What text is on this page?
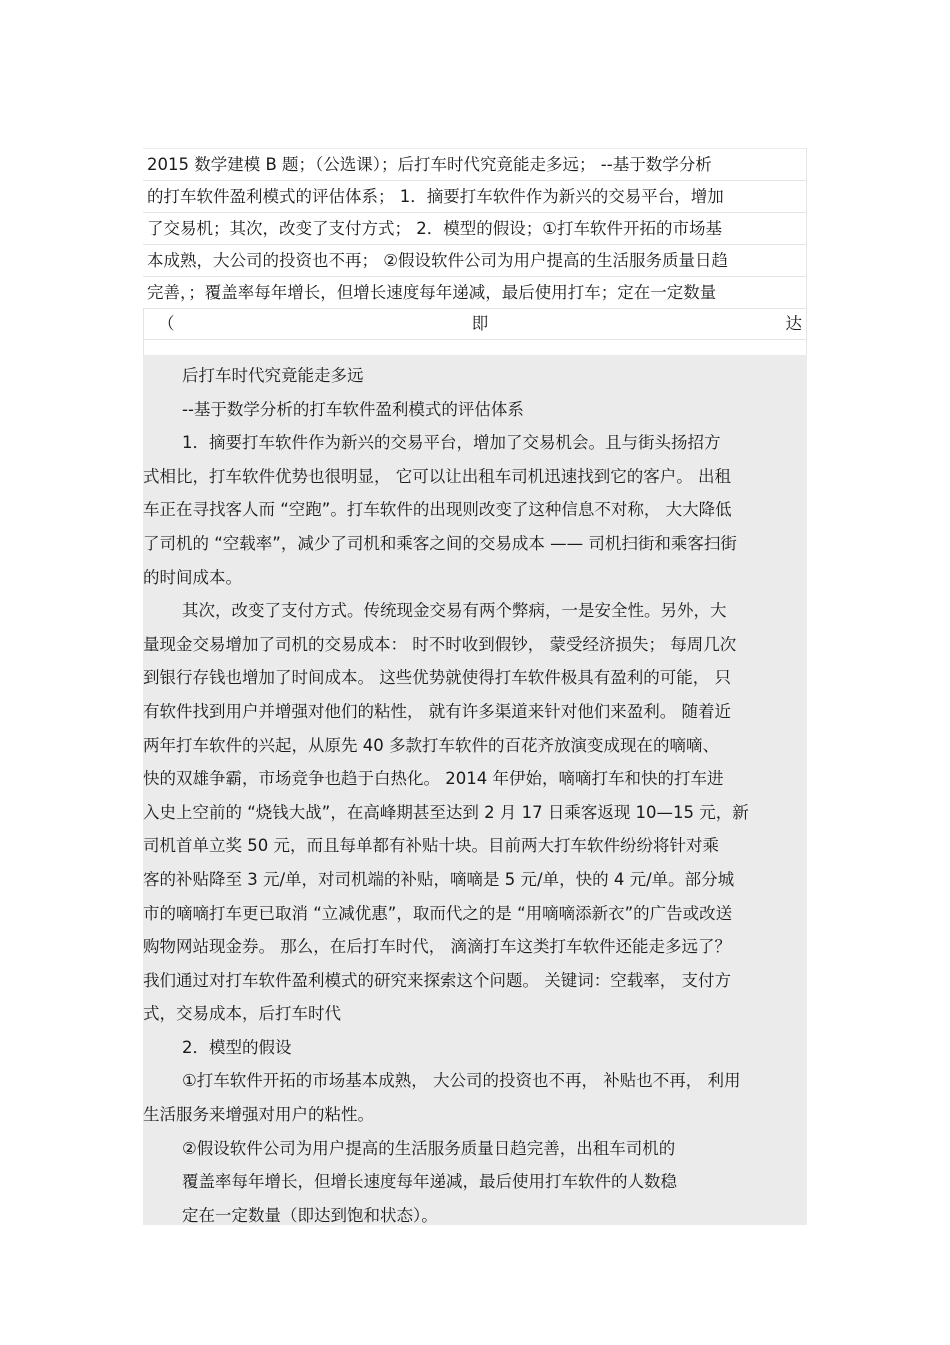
2015 数学建模 B 题；（公选课）；后打车时代究竟能走多远； --基于数学分析
的打车软件盈利模式的评估体系； 1．摘要打车软件作为新兴的交易平台，增加
了交易机；其次，改变了支付方式； 2．模型的假设；①打车软件开拓的市场基
本成熟，大公司的投资也不再； ②假设软件公司为用户提高的生活服务质量日趋
完善，；覆盖率每年增长，但增长速度每年递减，最后使用打车；定在一定数量
（	即	达
后打车时代究竟能走多远
--基于数学分析的打车软件盈利模式的评估体系
1．摘要打车软件作为新兴的交易平台，增加了交易机会。且与街头扬招方
式相比，打车软件优势也很明显， 它可以让出租车司机迅速找到它的客户。 出租
车正在寻找客人而 “空跑”。打车软件的出现则改变了这种信息不对称， 大大降低
了司机的 “空载率”，减少了司机和乘客之间的交易成本 —— 司机扫街和乘客扫街
的时间成本。
其次，改变了支付方式。传统现金交易有两个弊病，一是安全性。另外，大
量现金交易增加了司机的交易成本： 时不时收到假钞， 蒙受经济损失； 每周几次
到银行存钱也增加了时间成本。 这些优势就使得打车软件极具有盈利的可能， 只
有软件找到用户并增强对他们的粘性， 就有许多渠道来针对他们来盈利。 随着近
两年打车软件的兴起，从原先 40 多款打车软件的百花齐放演变成现在的嘀嘀、
快的双雄争霸，市场竞争也趋于白热化。 2014 年伊始，嘀嘀打车和快的打车进
入史上空前的 “烧钱大战”，在高峰期甚至达到 2 月 17 日乘客返现 10—15 元，新
司机首单立奖 50 元，而且每单都有补贴十块。目前两大打车软件纷纷将针对乘
客的补贴降至 3 元/单，对司机端的补贴，嘀嘀是 5 元/单，快的 4 元/单。部分城
市的嘀嘀打车更已取消 “立减优惠”，取而代之的是 “用嘀嘀添新衣”的广告或改送
购物网站现金券。 那么，在后打车时代， 滴滴打车这类打车软件还能走多远了？
我们通过对打车软件盈利模式的研究来探索这个问题。 关键词：空载率， 支付方
式，交易成本，后打车时代
2．模型的假设
①打车软件开拓的市场基本成熟， 大公司的投资也不再， 补贴也不再， 利用
生活服务来增强对用户的粘性。
②假设软件公司为用户提高的生活服务质量日趋完善，出租车司机的
覆盖率每年增长，但增长速度每年递减，最后使用打车软件的人数稳
定在一定数量（即达到饱和状态）。
